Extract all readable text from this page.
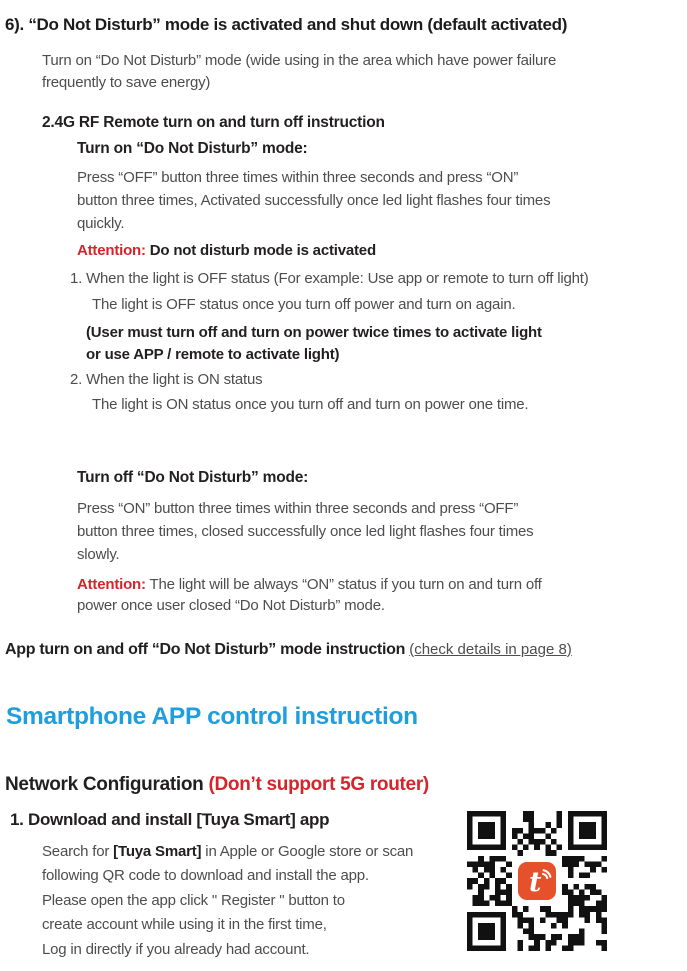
6). “Do Not Disturb” mode is activated and shut down (default activated)
Turn on “Do Not Disturb” mode (wide using in the area which have power failure
frequently to save energy)
2.4G RF Remote turn on and turn off instruction
Turn on “Do Not Disturb” mode:
Press “OFF” button three times within three seconds and press “ON”
button three times, Activated successfully once led light flashes four times
quickly.
Attention: Do not disturb mode is activated
1. When the light is OFF status (For example: Use app or remote to turn off light)
The light is OFF status once you turn off power and turn on again.
(User must turn off and turn on power twice times to activate light
or use APP / remote to activate light)
2. When the light is ON status
The light is ON status once you turn off and turn on power one time.
Turn off “Do Not Disturb” mode:
Press “ON” button three times within three seconds and press “OFF”
button three times, closed successfully once led light flashes four times
slowly.
Attention: The light will be always “ON” status if you turn on and turn off
power once user closed “Do Not Disturb” mode.
App turn on and off “Do Not Disturb” mode instruction (check details in page 8)
Smartphone APP control instruction
Network Configuration (Don’t support 5G router)
1. Download and install [Tuya Smart] app
Search for [Tuya Smart] in Apple or Google store or scan
following QR code to download and install the app.
Please open the app click " Register " button to
create account while using it in the first time,
Log in directly if you already had account.
t
